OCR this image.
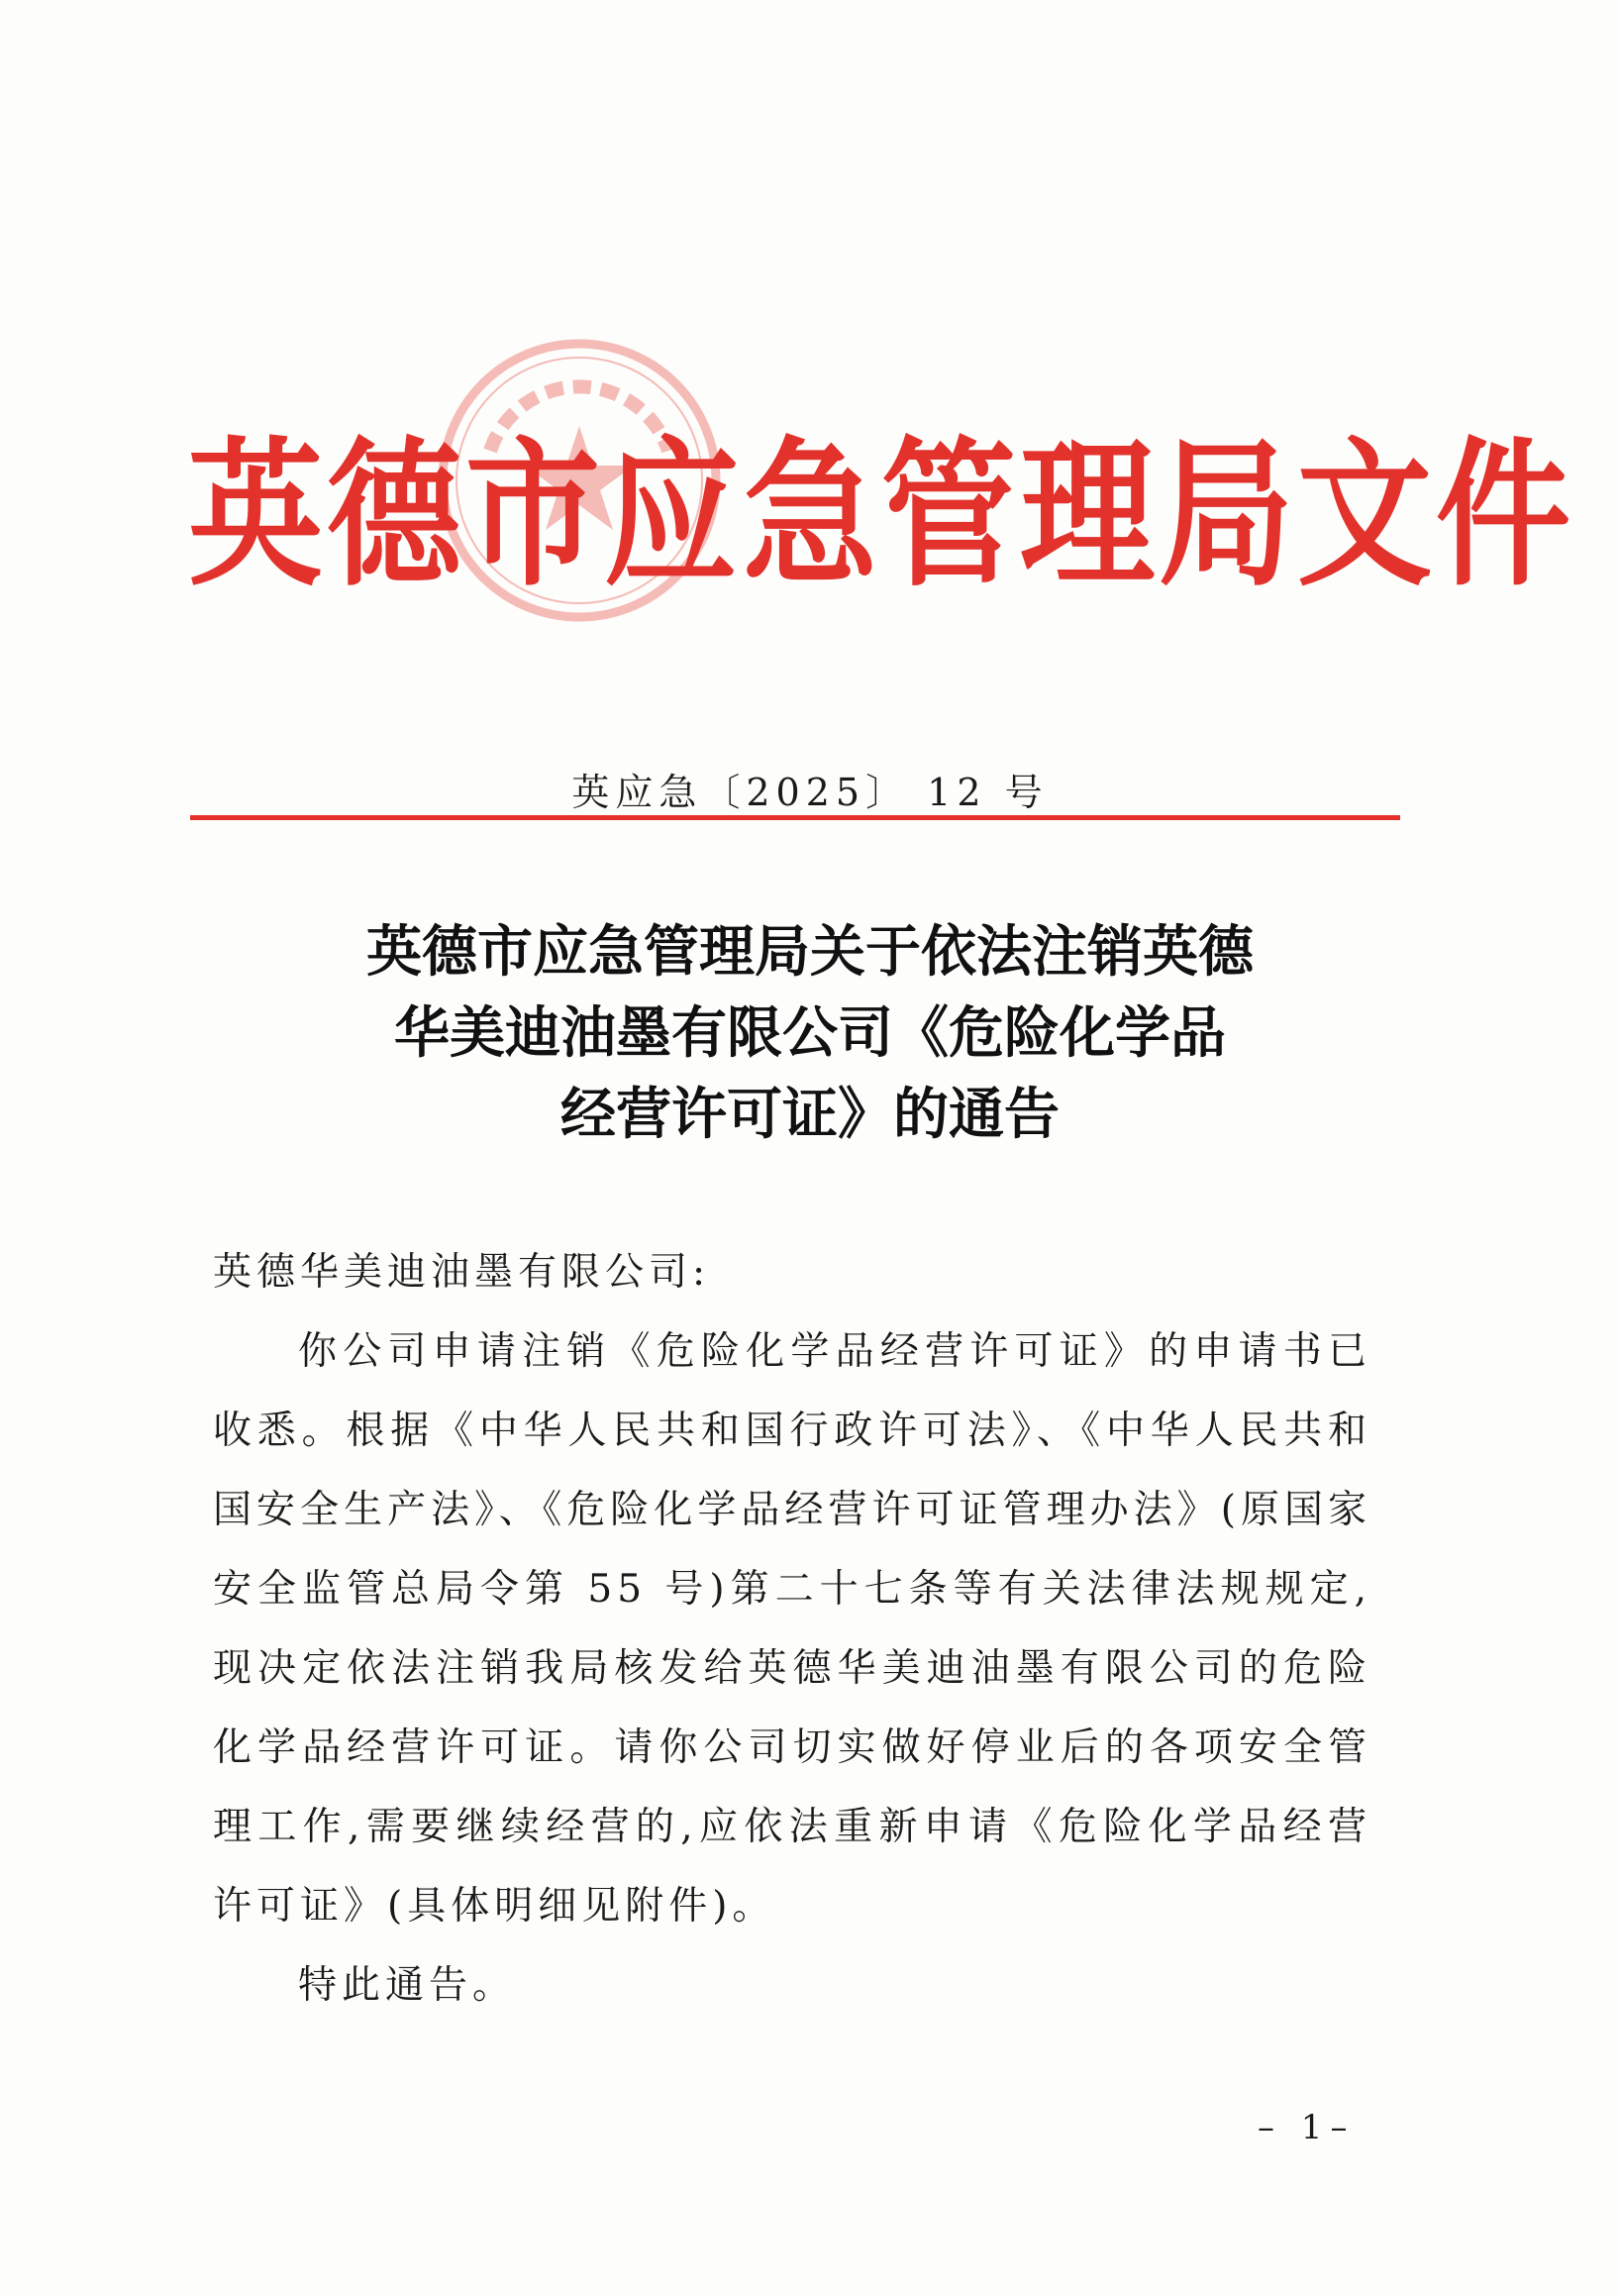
英德市应急管理局文件
英应急〔2025〕 12 号
英德市应急管理局关于依法注销英德
华美迪油墨有限公司《危险化学品
经营许可证》的通告
英德华美迪油墨有限公司:

你公司申请注销《危险化学品经营许可证》的申请书已收悉。根据《中华人民共和国行政许可法》、《中华人民共和国安全生产法》、《危险化学品经营许可证管理办法》(原国家安全监管总局令第 55 号)第二十七条等有关法律法规规定,现决定依法注销我局核发给英德华美迪油墨有限公司的危险化学品经营许可证。请你公司切实做好停业后的各项安全管理工作,需要继续经营的,应依法重新申请《危险化学品经营许可证》(具体明细见附件)。

特此通告。

– 1–
